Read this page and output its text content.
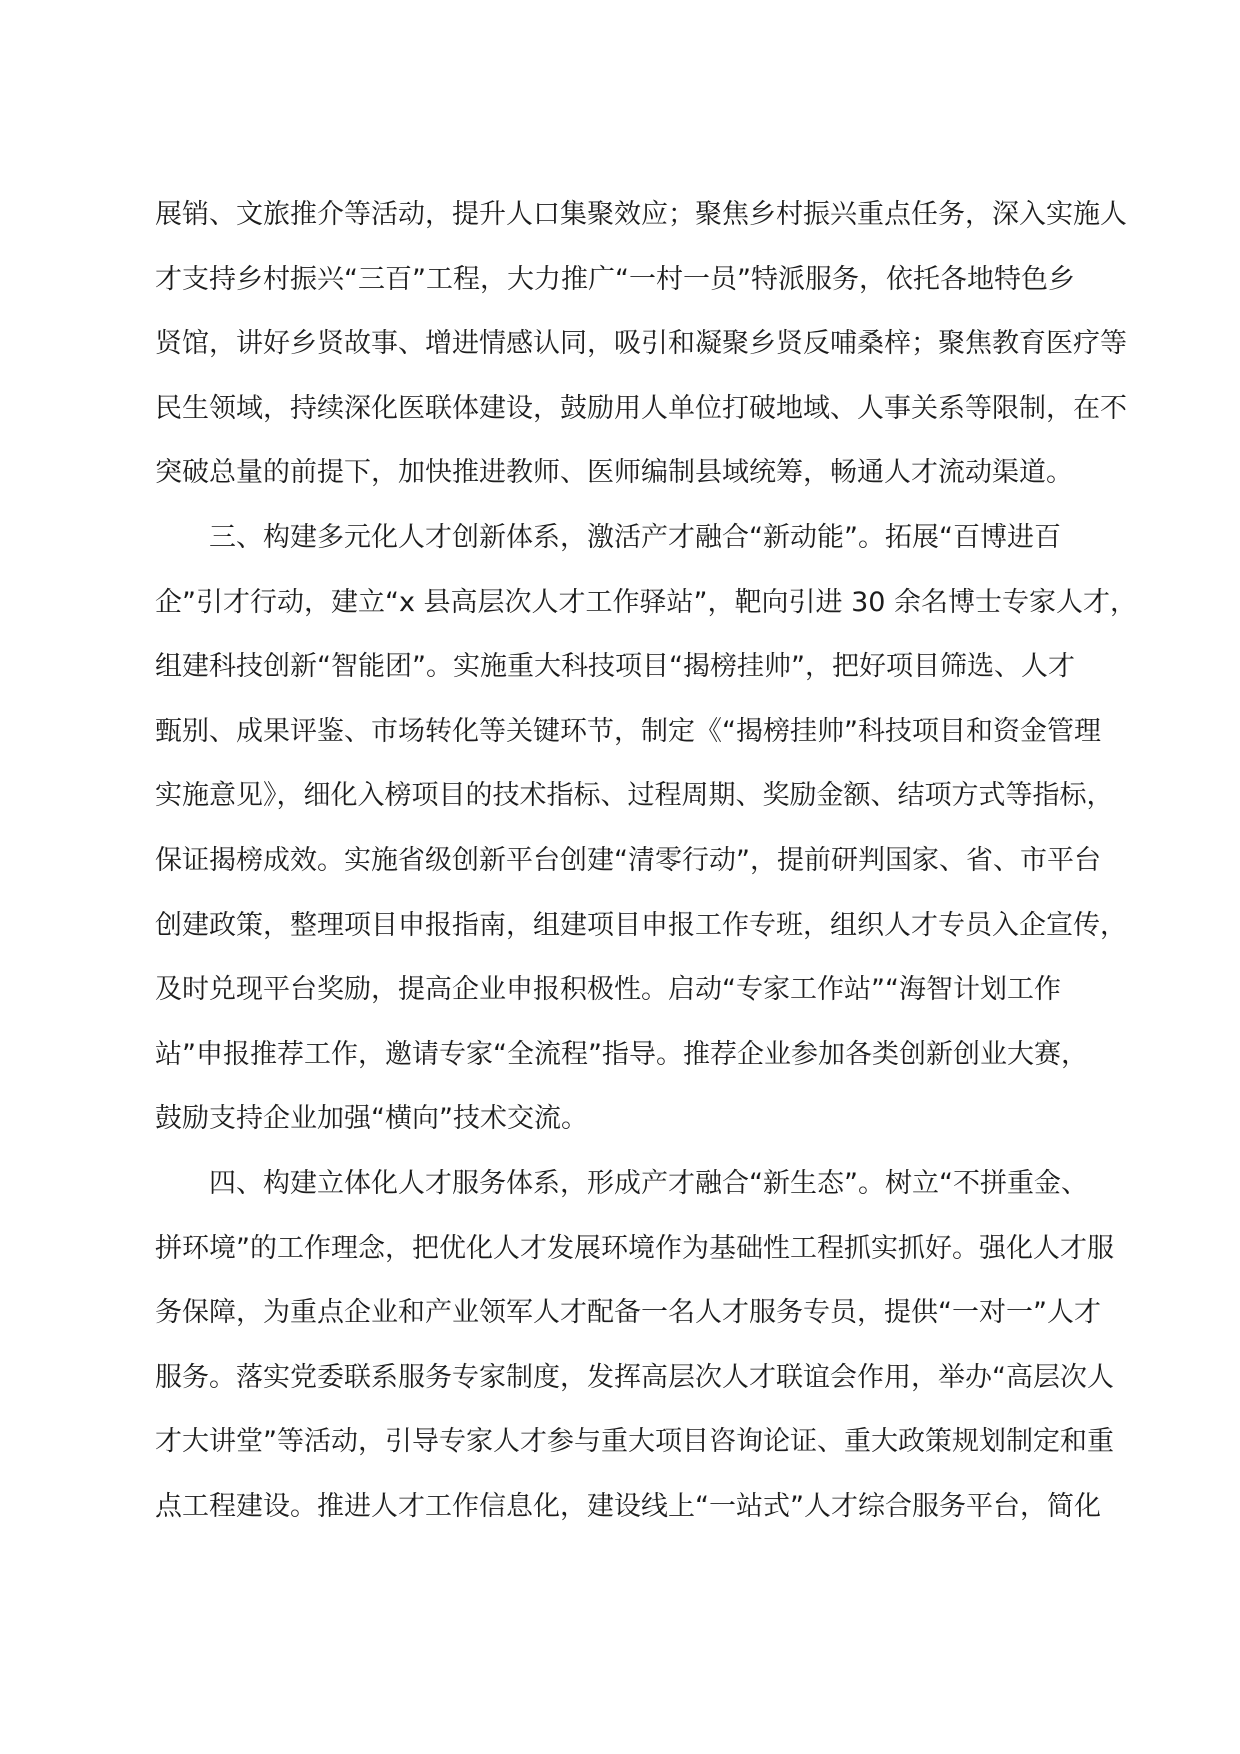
展销、文旅推介等活动，提升人口集聚效应；聚焦乡村振兴重点任务，深入实施人
才支持乡村振兴“三百”工程，大力推广“一村一员”特派服务，依托各地特色乡
贤馆，讲好乡贤故事、增进情感认同，吸引和凝聚乡贤反哺桑梓；聚焦教育医疗等
民生领域，持续深化医联体建设，鼓励用人单位打破地域、人事关系等限制，在不
突破总量的前提下，加快推进教师、医师编制县域统筹，畅通人才流动渠道。
三、构建多元化人才创新体系，激活产才融合“新动能”。拓展“百博进百
企”引才行动，建立“x 县高层次人才工作驿站”，靶向引进 30 余名博士专家人才，
组建科技创新“智能团”。实施重大科技项目“揭榜挂帅”，把好项目筛选、人才
甄别、成果评鉴、市场转化等关键环节，制定《“揭榜挂帅”科技项目和资金管理
实施意见》，细化入榜项目的技术指标、过程周期、奖励金额、结项方式等指标，
保证揭榜成效。实施省级创新平台创建“清零行动”，提前研判国家、省、市平台
创建政策，整理项目申报指南，组建项目申报工作专班，组织人才专员入企宣传，
及时兑现平台奖励，提高企业申报积极性。启动“专家工作站”“海智计划工作
站”申报推荐工作，邀请专家“全流程”指导。推荐企业参加各类创新创业大赛，
鼓励支持企业加强“横向”技术交流。
四、构建立体化人才服务体系，形成产才融合“新生态”。树立“不拼重金、
拼环境”的工作理念，把优化人才发展环境作为基础性工程抓实抓好。强化人才服
务保障，为重点企业和产业领军人才配备一名人才服务专员，提供“一对一”人才
服务。落实党委联系服务专家制度，发挥高层次人才联谊会作用，举办“高层次人
才大讲堂”等活动，引导专家人才参与重大项目咨询论证、重大政策规划制定和重
点工程建设。推进人才工作信息化，建设线上“一站式”人才综合服务平台，简化
